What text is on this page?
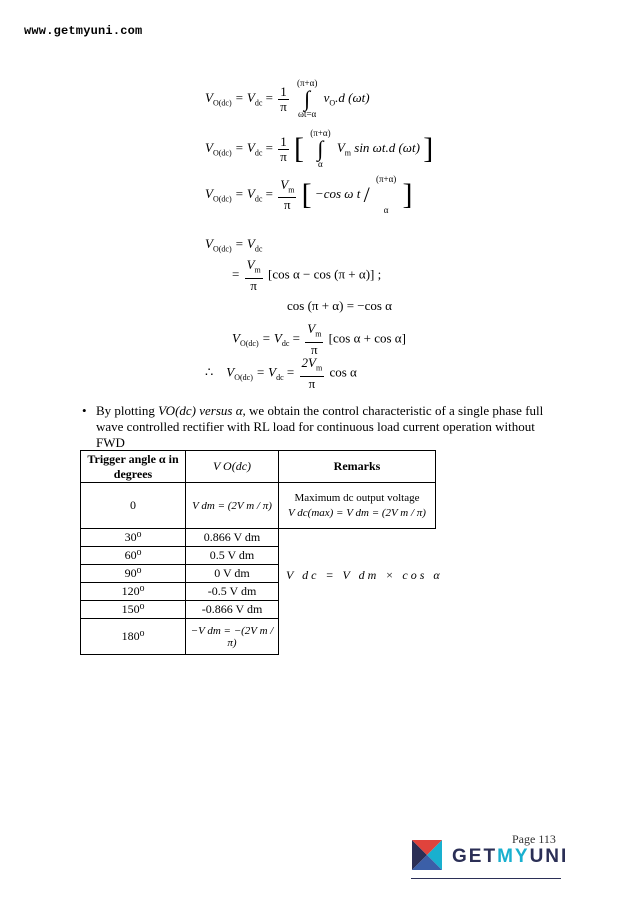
www.getmyuni.com
$V_{O(dc)} = V_{dc} = \frac{1}{\pi}$
(π+α)
∫
ωt=α $v_O.d$ (ωt)
$V_{O(dc)} = V_{dc} = \frac{1}{\pi}$ [ (π+α)
∫
α $V_m$ sin ωt.d (ωt) ]
$V_{O(dc)} = V_{dc} = \frac{V_m}{\pi}$ [ −cos ω t / (π+α)

α ]
$V_{O(dc)} = V_{dc}$
= $\frac{V_m}{\pi} [\cos$ α − cos (π + α)] ;
cos (π + α) = −cos α
$V_{O(dc)} = V_{dc} = \frac{V_m}{\pi} [\cos$ α + cos α]
∴ $V_{O(dc)} = V_{dc} = \frac{2V_m}{\pi}$ cos α
• By plotting VO(dc) versus α, we obtain the control characteristic of a single phase full wave controlled rectifier with RL load for continuous load current operation without FWD
Trigger angle α in degrees	V O(dc)	Remarks
0	V dm = (2V m / π)	Maximum dc output voltage
V dc(max) = V dm = (2V m / π)

30⁰	0.866 V dm	
60⁰	0.5 V dm	
90⁰	0 V dm	
120⁰	-0.5 V dm	
150⁰	-0.866 V dm	
180⁰	−V dm = −(2V m / π)	
V dc = V dm × cos α
Page 113
GETMYUNI
